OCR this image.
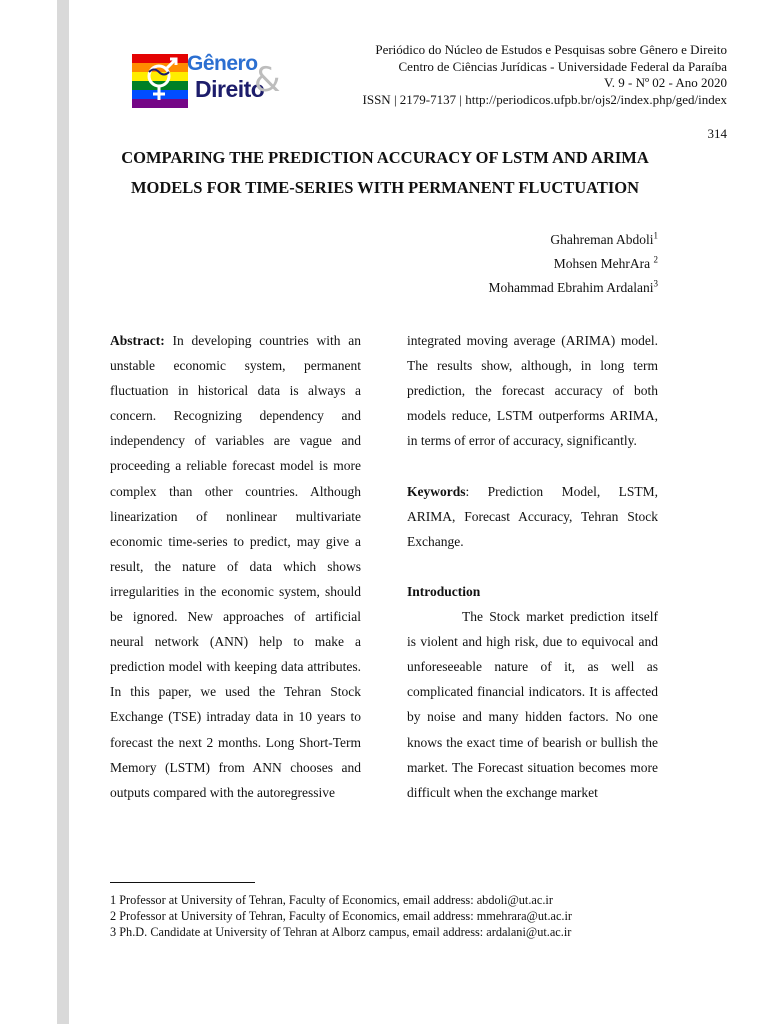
Gênero
Direito
&
Periódico do Núcleo de Estudos e Pesquisas sobre Gênero e Direito
Centro de Ciências Jurídicas - Universidade Federal da Paraíba
V. 9 - Nº 02 - Ano 2020
ISSN | 2179-7137 | http://periodicos.ufpb.br/ojs2/index.php/ged/index
314
COMPARING THE PREDICTION ACCURACY OF LSTM AND ARIMA MODELS FOR TIME-SERIES WITH PERMANENT FLUCTUATION
Ghahreman Abdoli$^1$
Mohsen MehrAra $^2$
Mohammad Ebrahim Ardalani$^3$

Abstract: In developing countries with an unstable economic system, permanent fluctuation in historical data is always a concern. Recognizing dependency and independency of variables are vague and proceeding a reliable forecast model is more complex than other countries. Although linearization of nonlinear multivariate economic time-series to predict, may give a result, the nature of data which shows irregularities in the economic system, should be ignored. New approaches of artificial neural network (ANN) help to make a prediction model with keeping data attributes. In this paper, we used the Tehran Stock Exchange (TSE) intraday data in 10 years to forecast the next 2 months. Long Short-Term Memory (LSTM) from ANN chooses and outputs compared with the autoregressive

integrated moving average (ARIMA) model. The results show, although, in long term prediction, the forecast accuracy of both models reduce, LSTM outperforms ARIMA, in terms of error of accuracy, significantly.

Keywords: Prediction Model, LSTM, ARIMA, Forecast Accuracy, Tehran Stock Exchange.

Introduction

The Stock market prediction itself is violent and high risk, due to equivocal and unforeseeable nature of it, as well as complicated financial indicators. It is affected by noise and many hidden factors. No one knows the exact time of bearish or bullish the market. The Forecast situation becomes more difficult when the exchange market

1 Professor at University of Tehran, Faculty of Economics, email address: abdoli@ut.ac.ir
2 Professor at University of Tehran, Faculty of Economics, email address: mmehrara@ut.ac.ir
3 Ph.D. Candidate at University of Tehran at Alborz campus, email address: ardalani@ut.ac.ir
